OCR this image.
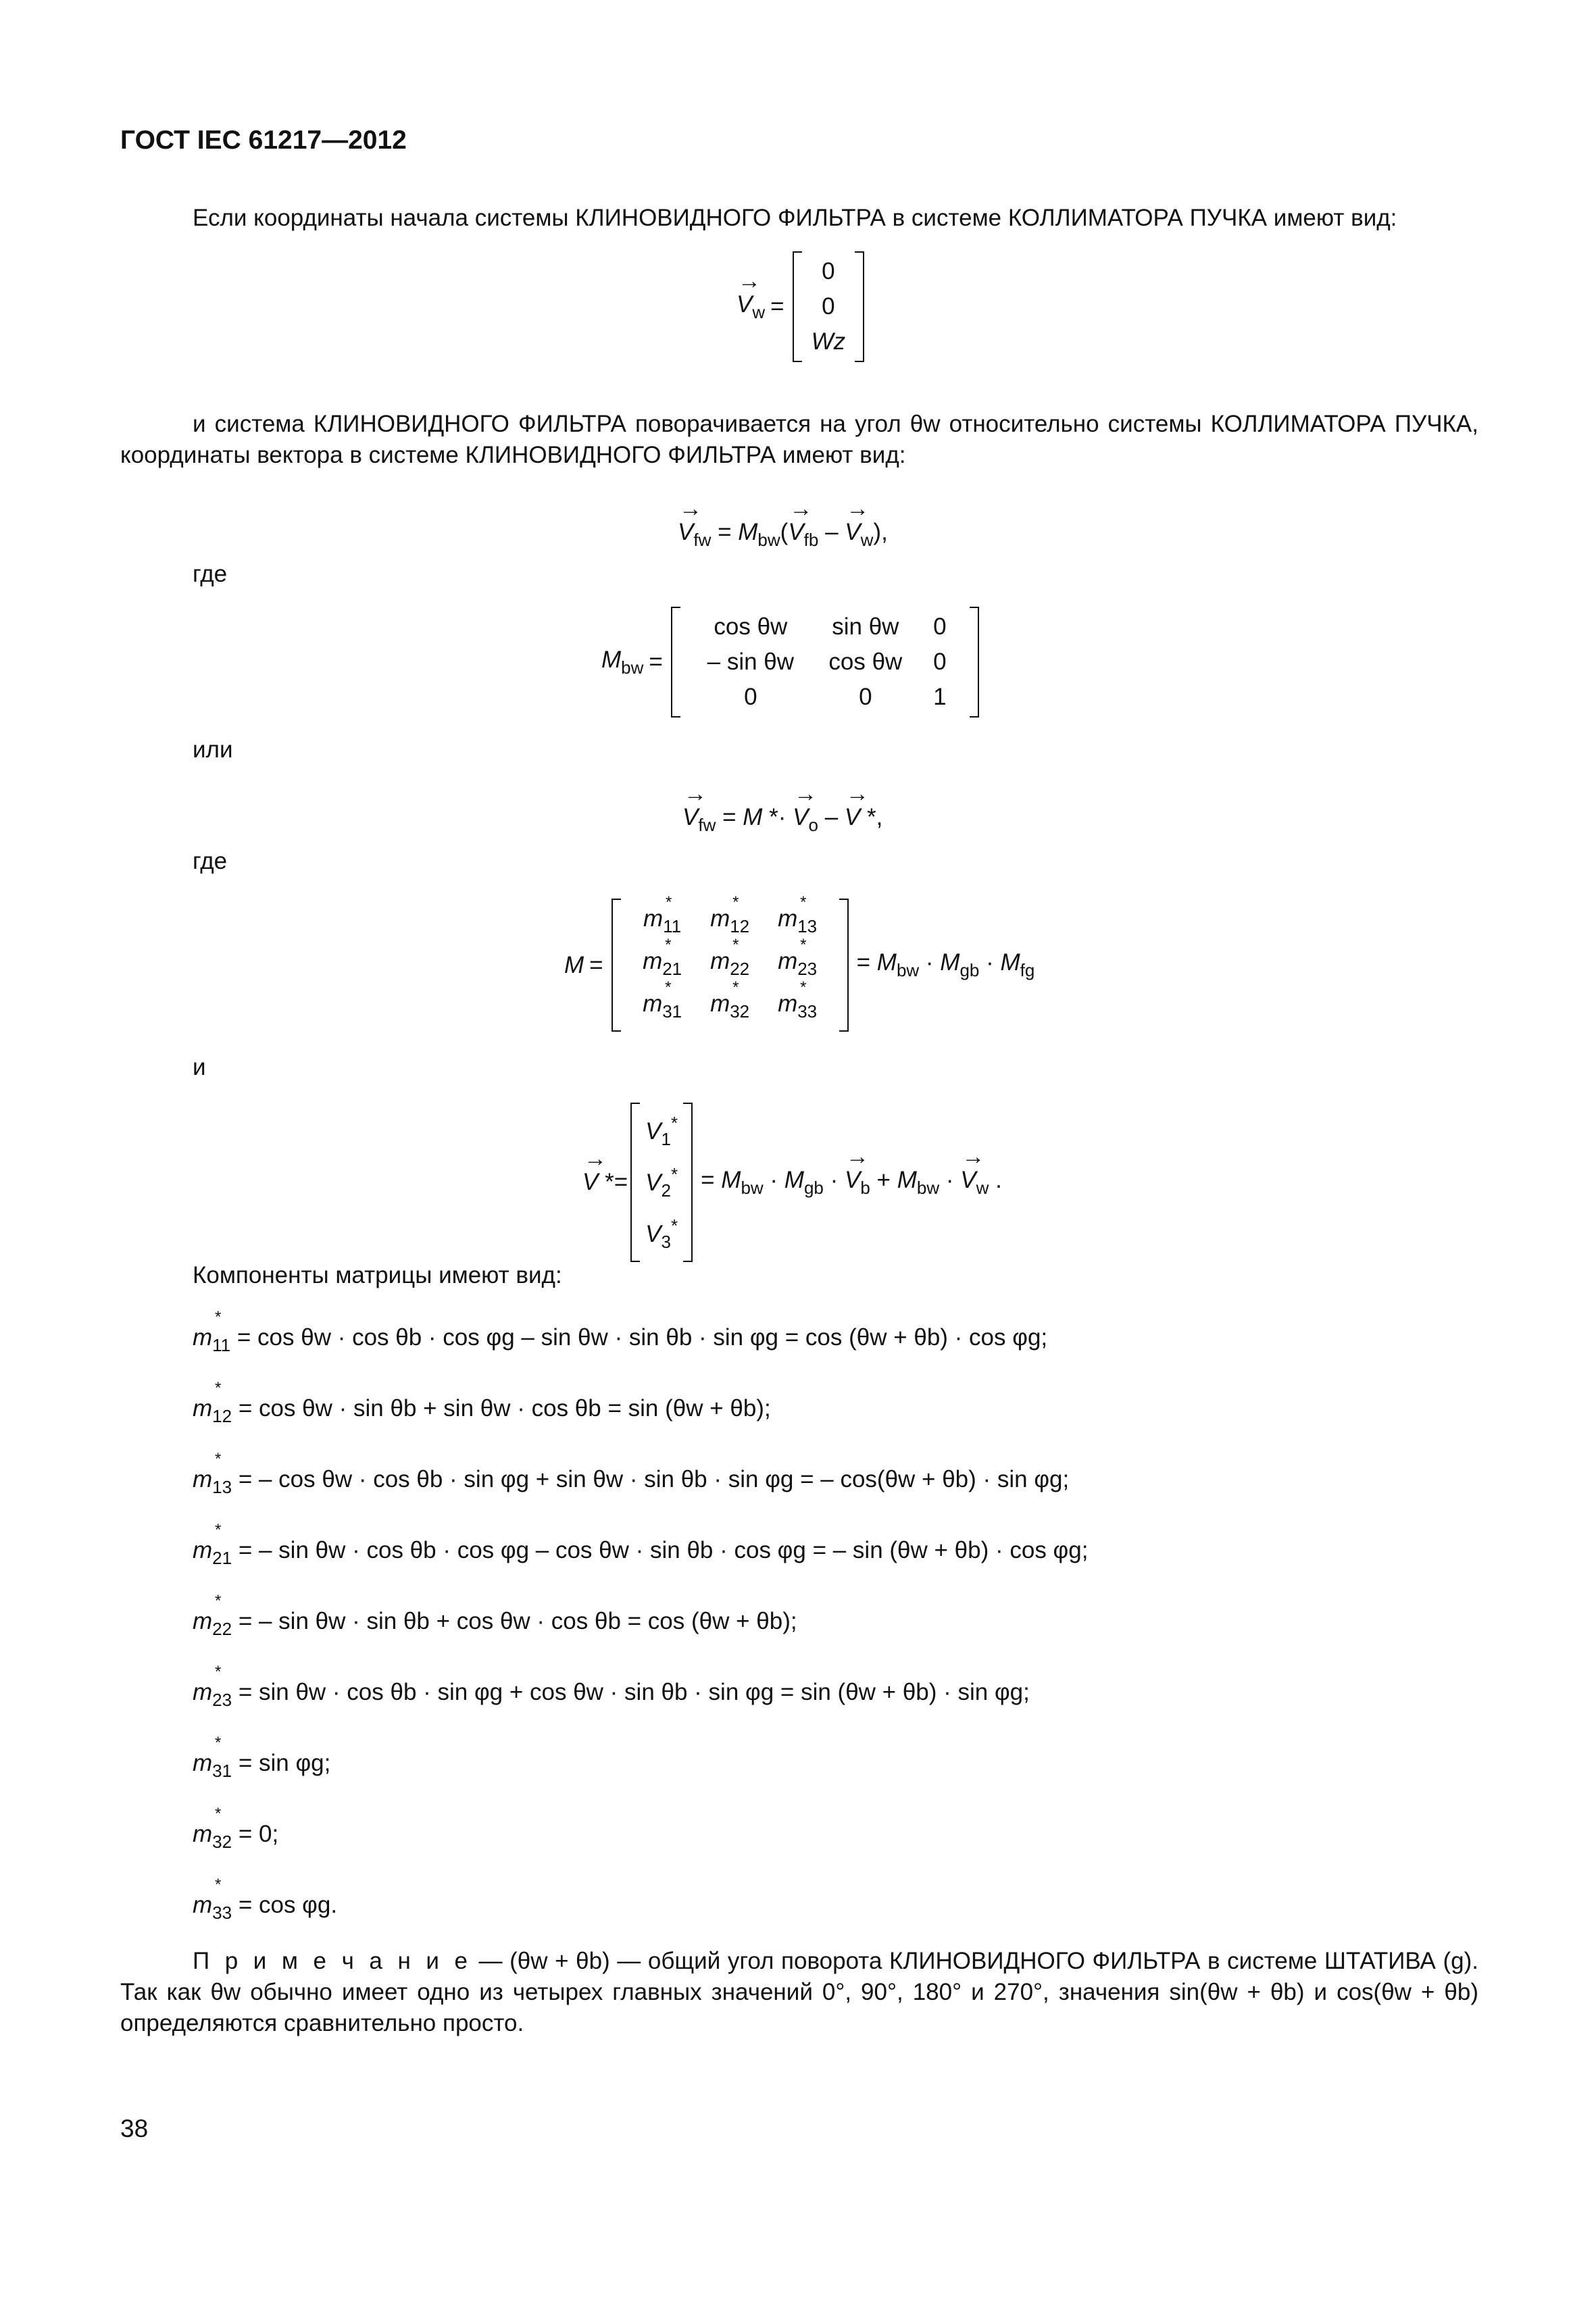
ГОСТ IEC 61217—2012
Если координаты начала системы КЛИНОВИДНОГО ФИЛЬТРА в системе КОЛЛИМАТОРА ПУЧКА имеют вид:
→ $V_w$ =
0
0
Wz
и система КЛИНОВИДНОГО ФИЛЬТРА поворачивается на угол θw относительно системы КОЛЛИМАТОРА ПУЧКА, координаты вектора в системе КЛИНОВИДНОГО ФИЛЬТРА имеют вид:
→ $V_{fw} = M_{bw}(\to V_{fb}$ – → $V_w$),
где
$M_{bw}$ =
cos θw sin θw 0
– sin θw cos θw 0
0	0	1
или
→ $V_{fw} = M$ *· → $V_o$ – → V *,
где
M =
* $m_{11}$
* $m_{12}$
* $m_{13}$
* $m_{21}$
* $m_{22}$
* $m_{23}$
* $m_{31}$
* $m_{32}$
* $m_{33}$
= $M_{bw} \cdot M_{gb} \cdot M_{fg}$
и
→ V *=
$V_1^*$
$V_2^*$
$V_3^*$
= $M_{bw} \cdot M_{gb}$ · → $V_b + M_{bw}$ · → $V_w$ .
Компоненты матрицы имеют вид:
* $m_{11} = \cos \theta w \cdot \cos \theta b \cdot \cos \varphi g - \sin \theta w \cdot \sin \theta b \cdot \sin \varphi g = \cos (\theta w + \theta b) \cdot \cos \varphi g$;
* $m_{12} = \cos \theta w \cdot \sin \theta b + \sin \theta w \cdot \cos \theta b = \sin (\theta w + \theta b)$;
* $m_{13}$ = – cos θw · cos θb · sin φg + sin θw · sin θb · sin φg = – cos(θw + θb) · sin φg;
* $m_{21}$ = – sin θw · cos θb · cos φg – cos θw · sin θb · cos φg = – sin (θw + θb) · cos φg;
* $m_{22}$ = – sin θw · sin θb + cos θw · cos θb = cos (θw + θb);
* $m_{23} = \sin \theta w \cdot \cos \theta b \cdot \sin \varphi g + \cos \theta w \cdot \sin \theta b \cdot \sin \varphi g = \sin (\theta w + \theta b) \cdot \sin \varphi g$;
* $m_{31} = \sin \varphi g$;
* $m_{32} = 0$;
* $m_{33} = \cos \varphi g$.
П р и м е ч а н и е — (θw + θb) — общий угол поворота КЛИНОВИДНОГО ФИЛЬТРА в системе ШТАТИВА (g). Так как θw обычно имеет одно из четырех главных значений 0°, 90°, 180° и 270°, значения sin(θw + θb) и cos(θw + θb) определяются сравнительно просто.
38
